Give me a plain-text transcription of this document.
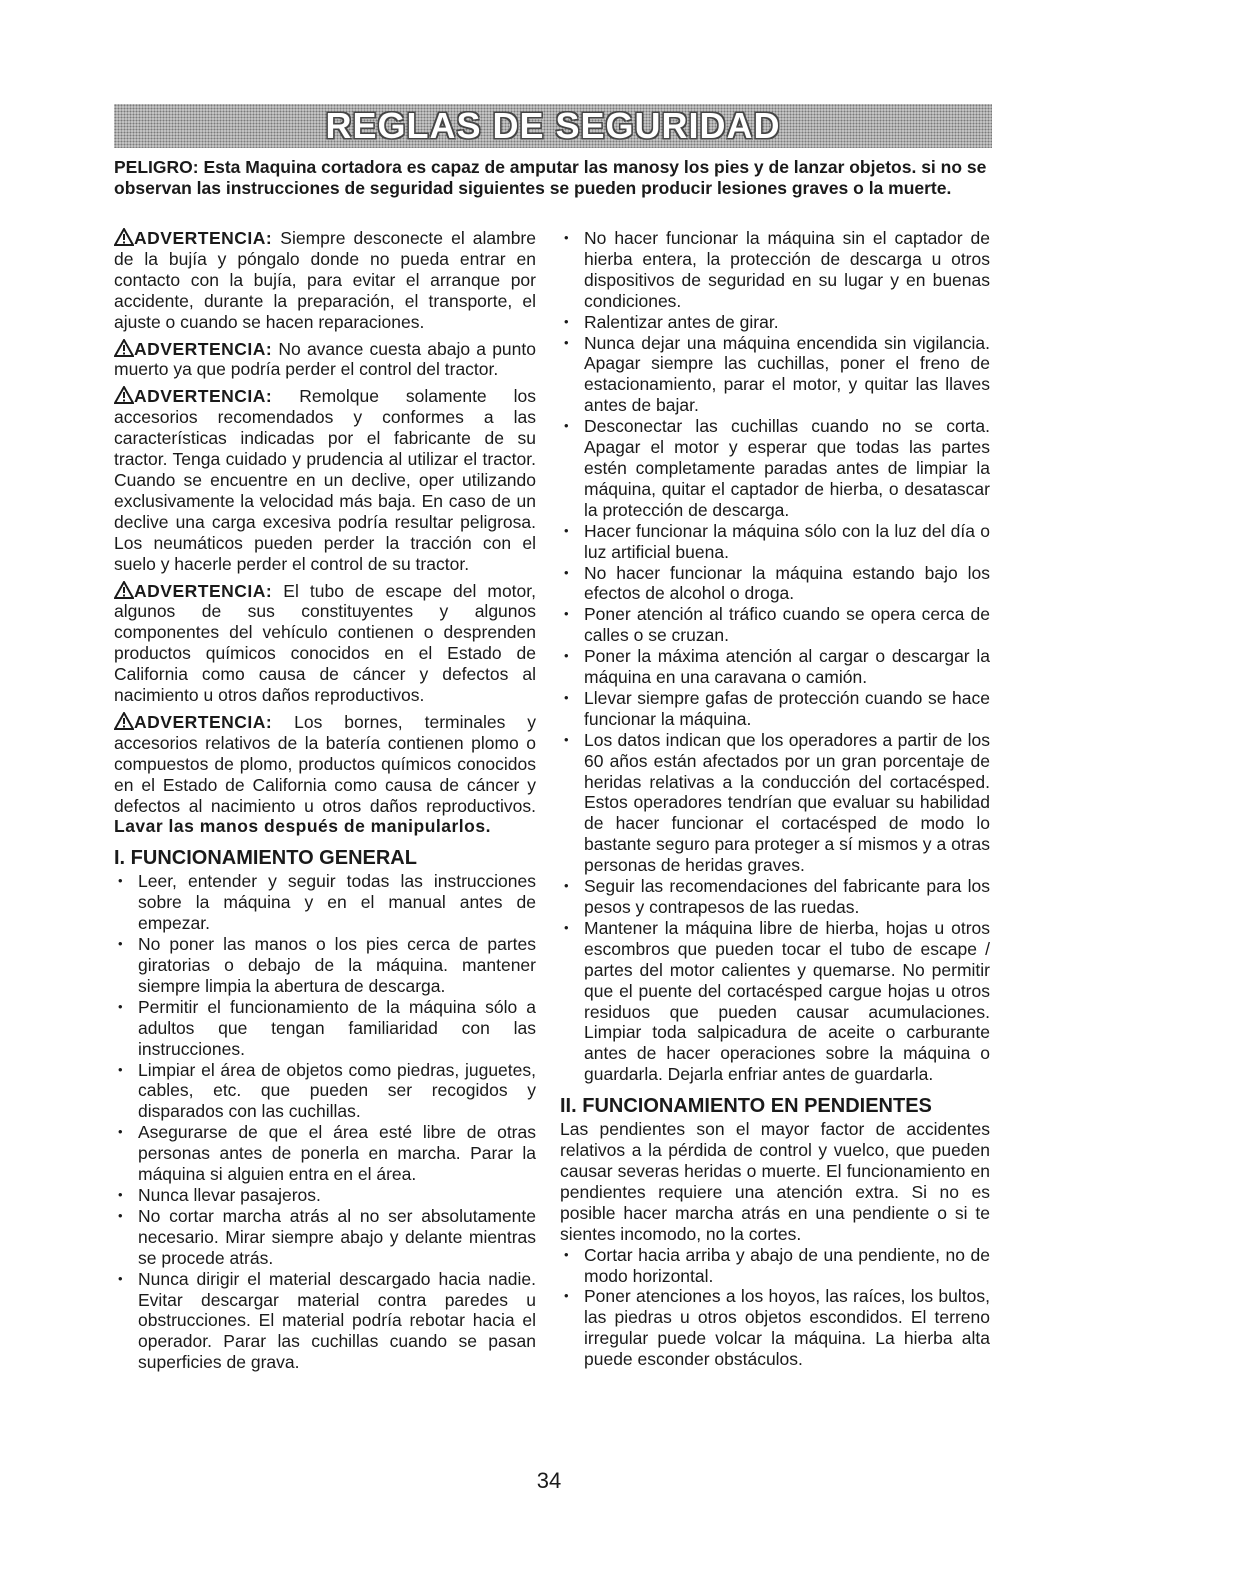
REGLAS DE SEGURIDAD
PELIGRO: Esta Maquina cortadora es capaz de amputar las manosy los pies y de lanzar objetos. si no se observan las instrucciones de seguridad siguientes se pueden producir lesiones graves o la muerte.

ADVERTENCIA: Siempre desconecte el alambre de la bujía y póngalo donde no pueda entrar en contacto con la bujía, para evitar el arranque por accidente, durante la preparación, el transporte, el ajuste o cuando se hacen reparaciones.

ADVERTENCIA: No avance cuesta abajo a punto muerto ya que podría perder el control del tractor.

ADVERTENCIA: Remolque solamente los accesorios recomendados y conformes a las características indicadas por el fabricante de su tractor. Tenga cuidado y prudencia al utilizar el tractor. Cuando se encuentre en un declive, oper utilizando exclusivamente la velocidad más baja. En caso de un declive una carga excesiva podría resultar peligrosa. Los neumáticos pueden perder la tracción con el suelo y hacerle perder el control de su tractor.

ADVERTENCIA: El tubo de escape del motor, algunos de sus constituyentes y algunos componentes del vehículo contienen o desprenden productos químicos conocidos en el Estado de California como causa de cáncer y defectos al nacimiento u otros daños reproductivos.

ADVERTENCIA: Los bornes, terminales y accesorios relativos de la batería contienen plomo o compuestos de plomo, productos químicos conocidos en el Estado de California como causa de cáncer y defectos al nacimiento u otros daños reproductivos. Lavar las manos después de manipularlos.

I. FUNCIONAMIENTO GENERAL
• Leer, entender y seguir todas las instrucciones sobre la máquina y en el manual antes de empezar.
• No poner las manos o los pies cerca de partes giratorias o debajo de la máquina. mantener siempre limpia la abertura de descarga.
• Permitir el funcionamiento de la máquina sólo a adultos que tengan familiaridad con las instrucciones.
• Limpiar el área de objetos como piedras, juguetes, cables, etc. que pueden ser recogidos y disparados con las cuchillas.
• Asegurarse de que el área esté libre de otras personas antes de ponerla en marcha. Parar la máquina si alguien entra en el área.
• Nunca llevar pasajeros.
• No cortar marcha atrás al no ser absolutamente necesario. Mirar siempre abajo y delante mientras se procede atrás.
• Nunca dirigir el material descargado hacia nadie. Evitar descargar material contra paredes u obstrucciones. El material podría rebotar hacia el operador. Parar las cuchillas cuando se pasan superficies de grava.
• No hacer funcionar la máquina sin el captador de hierba entera, la protección de descarga u otros dispositivos de seguridad en su lugar y en buenas condiciones.
• Ralentizar antes de girar.
• Nunca dejar una máquina encendida sin vigilancia. Apagar siempre las cuchillas, poner el freno de estacionamiento, parar el motor, y quitar las llaves antes de bajar.
• Desconectar las cuchillas cuando no se corta. Apagar el motor y esperar que todas las partes estén completamente paradas antes de limpiar la máquina, quitar el captador de hierba, o desatascar la protección de descarga.
• Hacer funcionar la máquina sólo con la luz del día o luz artificial buena.
• No hacer funcionar la máquina estando bajo los efectos de alcohol o droga.
• Poner atención al tráfico cuando se opera cerca de calles o se cruzan.
• Poner la máxima atención al cargar o descargar la máquina en una caravana o camión.
• Llevar siempre gafas de protección cuando se hace funcionar la máquina.
• Los datos indican que los operadores a partir de los 60 años están afectados por un gran porcentaje de heridas relativas a la conducción del cortacésped. Estos operadores tendrían que evaluar su habilidad de hacer funcionar el cortacésped de modo lo bastante seguro para proteger a sí mismos y a otras personas de heridas graves.
• Seguir las recomendaciones del fabricante para los pesos y contrapesos de las ruedas.
• Mantener la máquina libre de hierba, hojas u otros escombros que pueden tocar el tubo de escape / partes del motor calientes y quemarse. No permitir que el puente del cortacésped cargue hojas u otros residuos que pueden causar acumulaciones. Limpiar toda salpicadura de aceite o carburante antes de hacer operaciones sobre la máquina o guardarla. Dejarla enfriar antes de guardarla.
II. FUNCIONAMIENTO EN PENDIENTES

Las pendientes son el mayor factor de accidentes relativos a la pérdida de control y vuelco, que pueden causar severas heridas o muerte. El funcionamiento en pendientes requiere una atención extra. Si no es posible hacer marcha atrás en una pendiente o si te sientes incomodo, no la cortes.

• Cortar hacia arriba y abajo de una pendiente, no de modo horizontal.
• Poner atenciones a los hoyos, las raíces, los bultos, las piedras u otros objetos escondidos. El terreno irregular puede volcar la máquina. La hierba alta puede esconder obstáculos.
34
